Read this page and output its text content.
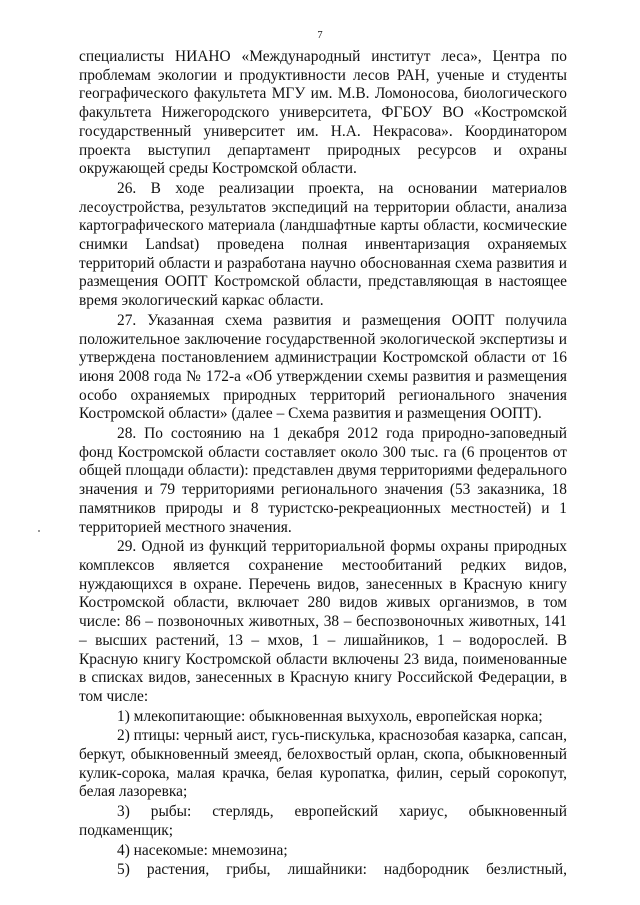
7

специалисты НИАНО «Международный институт леса», Центра по проблемам экологии и продуктивности лесов РАН, ученые и студенты географического факультета МГУ им. М.В. Ломоносова, биологического факультета Нижегородского университета, ФГБОУ ВО «Костромской государственный университет им. Н.А. Некрасова». Координатором проекта выступил департамент природных ресурсов и охраны окружающей среды Костромской области.

26. В ходе реализации проекта, на основании материалов лесоустройства, результатов экспедиций на территории области, анализа картографического материала (ландшафтные карты области, космические снимки Landsat) проведена полная инвентаризация охраняемых территорий области и разработана научно обоснованная схема развития и размещения ООПТ Костромской области, представляющая в настоящее время экологический каркас области.

27. Указанная схема развития и размещения ООПТ получила положительное заключение государственной экологической экспертизы и утверждена постановлением администрации Костромской области от 16 июня 2008 года № 172-а «Об утверждении схемы развития и размещения особо охраняемых природных территорий регионального значения Костромской области» (далее – Схема развития и размещения ООПТ).

28. По состоянию на 1 декабря 2012 года природно-заповедный фонд Костромской области составляет около 300 тыс. га (6 процентов от общей площади области): представлен двумя территориями федерального значения и 79 территориями регионального значения (53 заказника, 18 памятников природы и 8 туристско-рекреационных местностей) и 1 территорией местного значения.

29. Одной из функций территориальной формы охраны природных комплексов является сохранение местообитаний редких видов, нуждающихся в охране. Перечень видов, занесенных в Красную книгу Костромской области, включает 280 видов живых организмов, в том числе: 86 – позвоночных животных, 38 – беспозвоночных животных, 141 – высших растений, 13 – мхов, 1 – лишайников, 1 – водорослей. В Красную книгу Костромской области включены 23 вида, поименованные в списках видов, занесенных в Красную книгу Российской Федерации, в том числе:

1) млекопитающие: обыкновенная выхухоль, европейская норка;

2) птицы: черный аист, гусь-пискулька, краснозобая казарка, сапсан, беркут, обыкновенный змееяд, белохвостый орлан, скопа, обыкновенный кулик-сорока, малая крачка, белая куропатка, филин, серый сорокопут, белая лазоревка;

3) рыбы: стерлядь, европейский хариус, обыкновенный подкаменщик;

4) насекомые: мнемозина;

5) растения, грибы, лишайники: надбородник безлистный,
